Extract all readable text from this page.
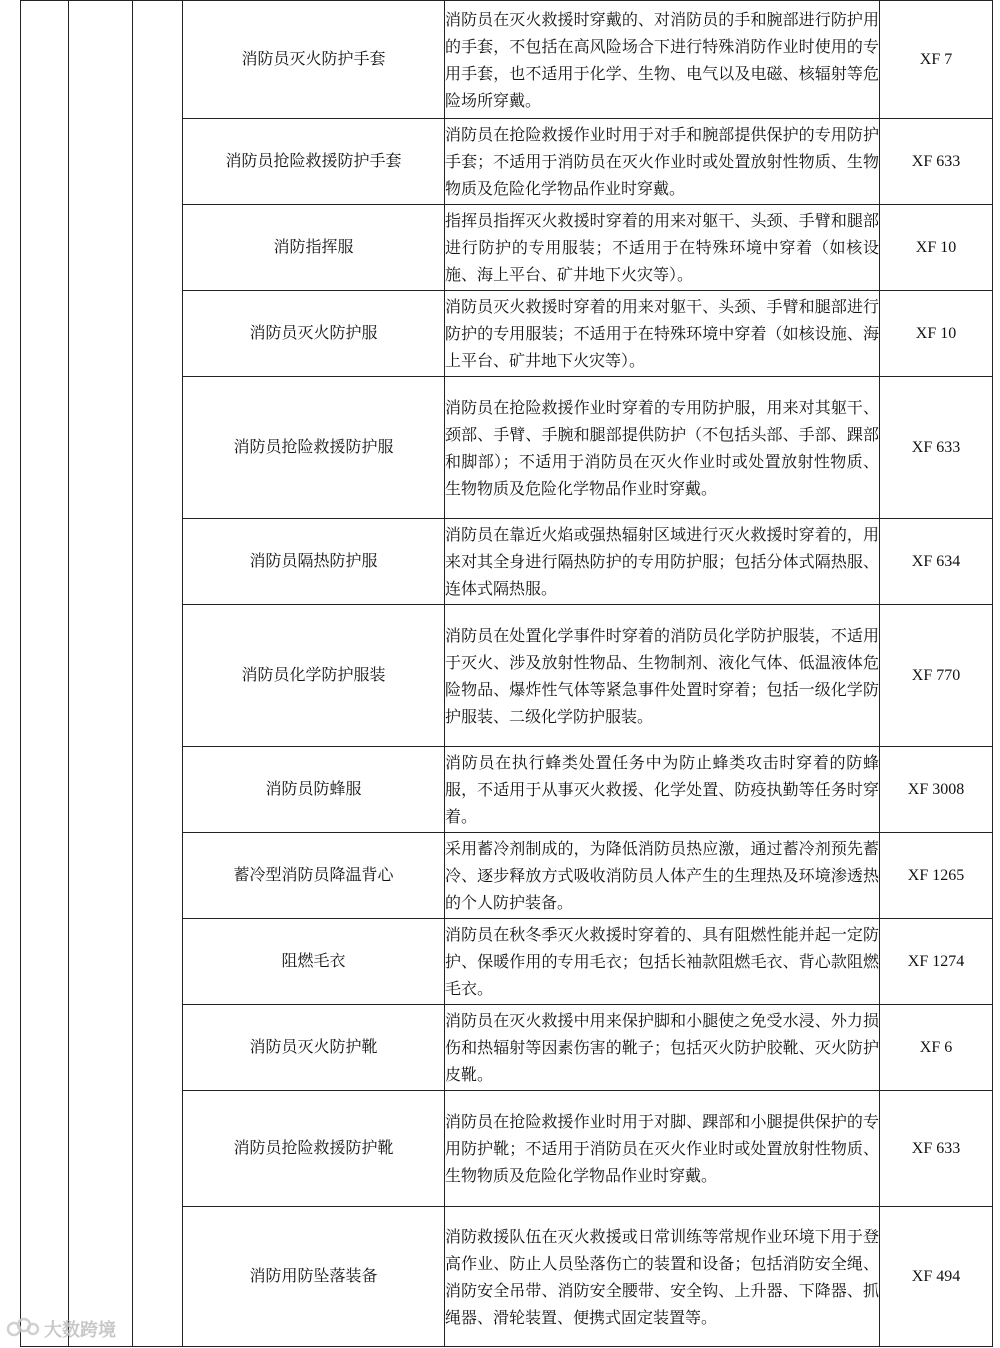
			消防员灭火防护手套	消防员在灭火救援时穿戴的、对消防员的手和腕部进行防护用的手套，不包括在高风险场合下进行特殊消防作业时使用的专用手套，也不适用于化学、生物、电气以及电磁、核辐射等危险场所穿戴。	XF 7
			消防员抢险救援防护手套	消防员在抢险救援作业时用于对手和腕部提供保护的专用防护手套；不适用于消防员在灭火作业时或处置放射性物质、生物物质及危险化学物品作业时穿戴。	XF 633
			消防指挥服	指挥员指挥灭火救援时穿着的用来对躯干、头颈、手臂和腿部进行防护的专用服装；不适用于在特殊环境中穿着（如核设施、海上平台、矿井地下火灾等）。	XF 10
			消防员灭火防护服	消防员灭火救援时穿着的用来对躯干、头颈、手臂和腿部进行防护的专用服装；不适用于在特殊环境中穿着（如核设施、海上平台、矿井地下火灾等）。	XF 10
			消防员抢险救援防护服	消防员在抢险救援作业时穿着的专用防护服，用来对其躯干、颈部、手臂、手腕和腿部提供防护（不包括头部、手部、踝部和脚部）；不适用于消防员在灭火作业时或处置放射性物质、生物物质及危险化学物品作业时穿戴。	XF 633
			消防员隔热防护服	消防员在靠近火焰或强热辐射区域进行灭火救援时穿着的，用来对其全身进行隔热防护的专用防护服；包括分体式隔热服、连体式隔热服。	XF 634
			消防员化学防护服装	消防员在处置化学事件时穿着的消防员化学防护服装，不适用于灭火、涉及放射性物品、生物制剂、液化气体、低温液体危险物品、爆炸性气体等紧急事件处置时穿着；包括一级化学防护服装、二级化学防护服装。	XF 770
			消防员防蜂服	消防员在执行蜂类处置任务中为防止蜂类攻击时穿着的防蜂服，不适用于从事灭火救援、化学处置、防疫执勤等任务时穿着。	XF 3008
			蓄冷型消防员降温背心	采用蓄冷剂制成的，为降低消防员热应激，通过蓄冷剂预先蓄冷、逐步释放方式吸收消防员人体产生的生理热及环境渗透热的个人防护装备。	XF 1265
			阻燃毛衣	消防员在秋冬季灭火救援时穿着的、具有阻燃性能并起一定防护、保暖作用的专用毛衣；包括长袖款阻燃毛衣、背心款阻燃毛衣。	XF 1274
			消防员灭火防护靴	消防员在灭火救援中用来保护脚和小腿使之免受水浸、外力损伤和热辐射等因素伤害的靴子；包括灭火防护胶靴、灭火防护皮靴。	XF 6
			消防员抢险救援防护靴	消防员在抢险救援作业时用于对脚、踝部和小腿提供保护的专用防护靴；不适用于消防员在灭火作业时或处置放射性物质、生物物质及危险化学物品作业时穿戴。	XF 633
			消防用防坠落装备	消防救援队伍在灭火救援或日常训练等常规作业环境下用于登高作业、防止人员坠落伤亡的装置和设备；包括消防安全绳、消防安全吊带、消防安全腰带、安全钩、上升器、下降器、抓绳器、滑轮装置、便携式固定装置等。	XF 494
大数跨境
